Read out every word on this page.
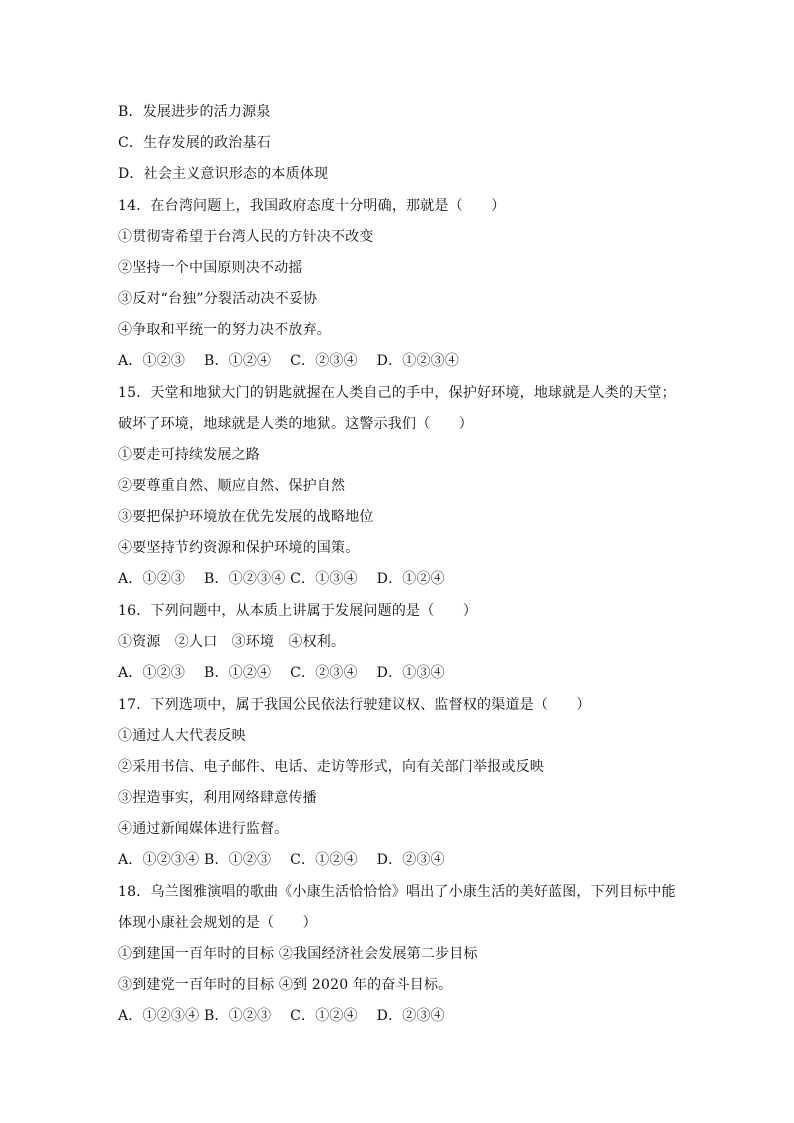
B．发展进步的活力源泉
C．生存发展的政治基石
D．社会主义意识形态的本质体现
14．在台湾问题上，我国政府态度十分明确，那就是（　　）
①贯彻寄希望于台湾人民的方针决不改变
②坚持一个中国原则决不动摇
③反对“台独”分裂活动决不妥协
④争取和平统一的努力决不放弃。
A．①②③　 B．①②④　 C．②③④　 D．①②③④
15．天堂和地狱大门的钥匙就握在人类自己的手中，保护好环境，地球就是人类的天堂；
破坏了环境，地球就是人类的地狱。这警示我们（　　）
①要走可持续发展之路
②要尊重自然、顺应自然、保护自然
③要把保护环境放在优先发展的战略地位
④要坚持节约资源和保护环境的国策。
A．①②③　 B．①②③④ C．①③④　 D．①②④
16．下列问题中，从本质上讲属于发展问题的是（　　）
①资源　②人口　③环境　④权利。
A．①②③　 B．①②④　 C．②③④　 D．①③④
17．下列选项中，属于我国公民依法行驶建议权、监督权的渠道是（　　）
①通过人大代表反映
②采用书信、电子邮件、电话、走访等形式，向有关部门举报或反映
③捏造事实，利用网络肆意传播
④通过新闻媒体进行监督。
A．①②③④ B．①②③　 C．①②④　 D．②③④
18．乌兰图雅演唱的歌曲《小康生活恰恰恰》唱出了小康生活的美好蓝图，下列目标中能
体现小康社会规划的是（　　）
①到建国一百年时的目标 ②我国经济社会发展第二步目标
③到建党一百年时的目标 ④到 2020 年的奋斗目标。
A．①②③④ B．①②③　 C．①②④　 D．②③④
